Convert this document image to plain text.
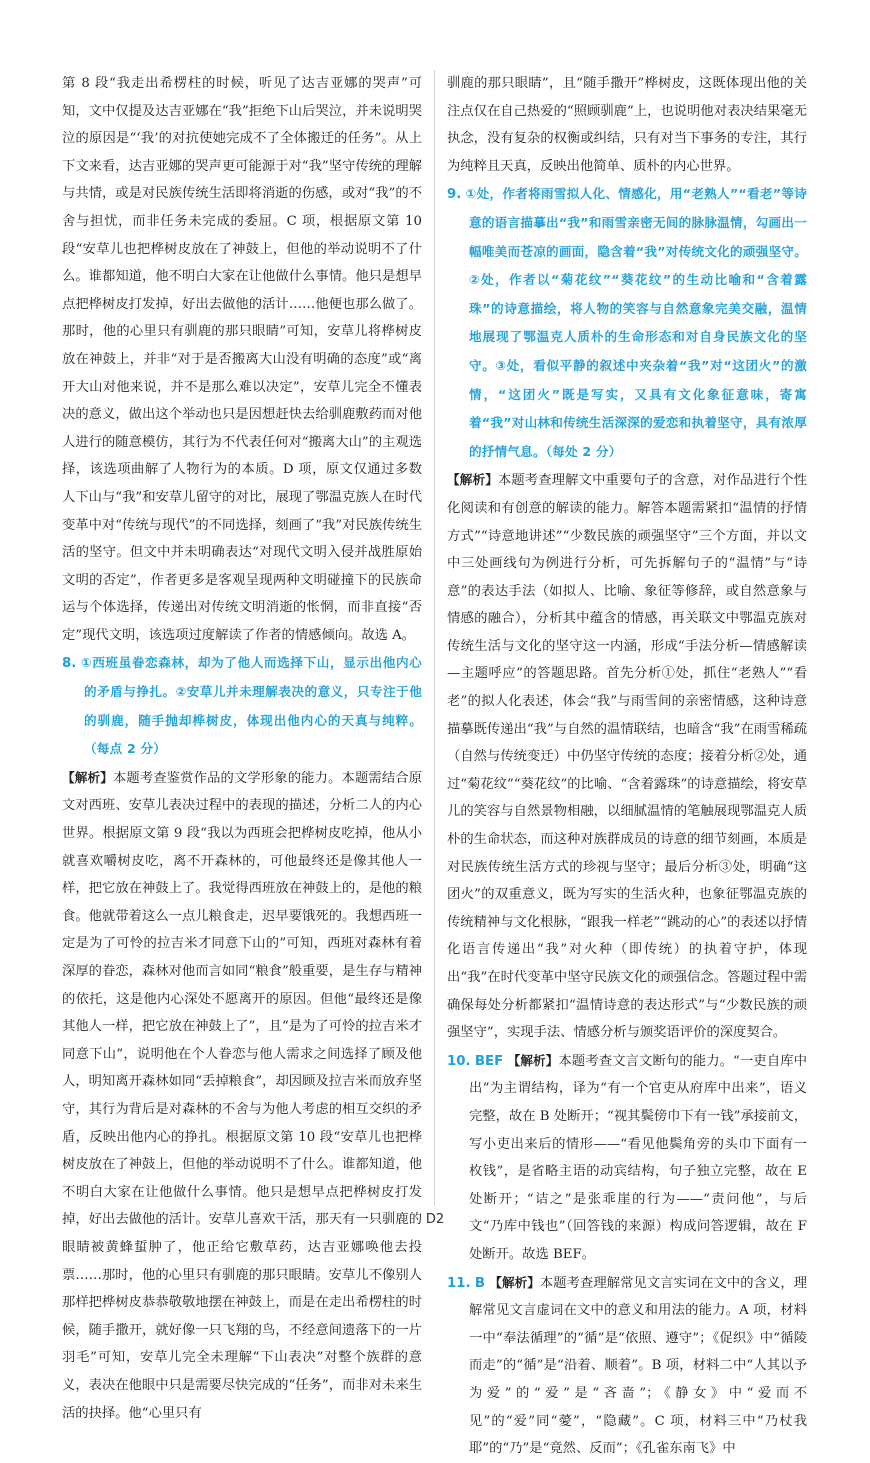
第 8 段“我走出希楞柱的时候，听见了达吉亚娜的哭声”可知，文中仅提及达吉亚娜在“我”拒绝下山后哭泣，并未说明哭泣的原因是“‘我’的对抗使她完成不了全体搬迁的任务”。从上下文来看，达吉亚娜的哭声更可能源于对“我”坚守传统的理解与共情，或是对民族传统生活即将消逝的伤感，或对“我”的不舍与担忧，而非任务未完成的委屈。C 项，根据原文第 10 段“安草儿也把桦树皮放在了神鼓上，但他的举动说明不了什么。谁都知道，他不明白大家在让他做什么事情。他只是想早点把桦树皮打发掉，好出去做他的活计……他便也那么做了。那时，他的心里只有驯鹿的那只眼睛”可知，安草儿将桦树皮放在神鼓上，并非“对于是否搬离大山没有明确的态度”或“离开大山对他来说，并不是那么难以决定”，安草儿完全不懂表决的意义，做出这个举动也只是因想赶快去给驯鹿敷药而对他人进行的随意模仿，其行为不代表任何对“搬离大山”的主观选择，该选项曲解了人物行为的本质。D 项，原文仅通过多数人下山与“我”和安草儿留守的对比，展现了鄂温克族人在时代变革中对“传统与现代”的不同选择，刻画了“我”对民族传统生活的坚守。但文中并未明确表达“对现代文明入侵并战胜原始文明的否定”，作者更多是客观呈现两种文明碰撞下的民族命运与个体选择，传递出对传统文明消逝的怅惘，而非直接“否定”现代文明，该选项过度解读了作者的情感倾向。故选 A。

8. ①西班虽眷恋森林，却为了他人而选择下山，显示出他内心的矛盾与挣扎。②安草儿并未理解表决的意义，只专注于他的驯鹿，随手抛却桦树皮，体现出他内心的天真与纯粹。（每点 2 分）

【解析】本题考查鉴赏作品的文学形象的能力。本题需结合原文对西班、安草儿表决过程中的表现的描述，分析二人的内心世界。根据原文第 9 段“我以为西班会把桦树皮吃掉，他从小就喜欢嚼树皮吃，离不开森林的，可他最终还是像其他人一样，把它放在神鼓上了。我觉得西班放在神鼓上的，是他的粮食。他就带着这么一点儿粮食走，迟早要饿死的。我想西班一定是为了可怜的拉吉米才同意下山的”可知，西班对森林有着深厚的眷恋，森林对他而言如同“粮食”般重要，是生存与精神的依托，这是他内心深处不愿离开的原因。但他“最终还是像其他人一样，把它放在神鼓上了”，且“是为了可怜的拉吉米才同意下山”，说明他在个人眷恋与他人需求之间选择了顾及他人，明知离开森林如同“丢掉粮食”，却因顾及拉吉米而放弃坚守，其行为背后是对森林的不舍与为他人考虑的相互交织的矛盾，反映出他内心的挣扎。根据原文第 10 段“安草儿也把桦树皮放在了神鼓上，但他的举动说明不了什么。谁都知道，他不明白大家在让他做什么事情。他只是想早点把桦树皮打发掉，好出去做他的活计。安草儿喜欢干活，那天有一只驯鹿的眼睛被黄蜂蜇肿了，他正给它敷草药，达吉亚娜唤他去投票……那时，他的心里只有驯鹿的那只眼睛。安草儿不像别人那样把桦树皮恭恭敬敬地摆在神鼓上，而是在走出希楞柱的时候，随手撒开，就好像一只飞翔的鸟，不经意间遗落下的一片羽毛”可知，安草儿完全未理解“下山表决”对整个族群的意义，表决在他眼中只是需要尽快完成的“任务”，而非对未来生活的抉择。他“心里只有

驯鹿的那只眼睛”，且“随手撒开”桦树皮，这既体现出他的关注点仅在自己热爱的“照顾驯鹿”上，也说明他对表决结果毫无执念，没有复杂的权衡或纠结，只有对当下事务的专注，其行为纯粹且天真，反映出他简单、质朴的内心世界。

9. ①处，作者将雨雪拟人化、情感化，用“老熟人”“看老”等诗意的语言描摹出“我”和雨雪亲密无间的脉脉温情，勾画出一幅唯美而苍凉的画面，隐含着“我”对传统文化的顽强坚守。②处，作者以“菊花纹”“葵花纹”的生动比喻和“含着露珠”的诗意描绘，将人物的笑容与自然意象完美交融，温情地展现了鄂温克人质朴的生命形态和对自身民族文化的坚守。③处，看似平静的叙述中夹杂着“我”对“这团火”的激情，“这团火”既是写实，又具有文化象征意味，寄寓着“我”对山林和传统生活深深的爱恋和执着坚守，具有浓厚的抒情气息。（每处 2 分）

【解析】本题考查理解文中重要句子的含意，对作品进行个性化阅读和有创意的解读的能力。解答本题需紧扣“温情的抒情方式”“诗意地讲述”“少数民族的顽强坚守”三个方面，并以文中三处画线句为例进行分析，可先拆解句子的“温情”与“诗意”的表达手法（如拟人、比喻、象征等修辞，或自然意象与情感的融合），分析其中蕴含的情感，再关联文中鄂温克族对传统生活与文化的坚守这一内涵，形成“手法分析—情感解读—主题呼应”的答题思路。首先分析①处，抓住“老熟人”“看老”的拟人化表述，体会“我”与雨雪间的亲密情感，这种诗意描摹既传递出“我”与自然的温情联结，也暗含“我”在雨雪稀疏（自然与传统变迁）中仍坚守传统的态度；接着分析②处，通过“菊花纹”“葵花纹”的比喻、“含着露珠”的诗意描绘，将安草儿的笑容与自然景物相融，以细腻温情的笔触展现鄂温克人质朴的生命状态，而这种对族群成员的诗意的细节刻画，本质是对民族传统生活方式的珍视与坚守；最后分析③处，明确“这团火”的双重意义，既为写实的生活火种，也象征鄂温克族的传统精神与文化根脉，“跟我一样老”“跳动的心”的表述以抒情化语言传递出“我”对火种（即传统）的执着守护，体现出“我”在时代变革中坚守民族文化的顽强信念。答题过程中需确保每处分析都紧扣“温情诗意的表达形式”与“少数民族的顽强坚守”，实现手法、情感分析与颁奖语评价的深度契合。

10. BEF 【解析】本题考查文言文断句的能力。“一吏自库中出”为主谓结构，译为“有一个官吏从府库中出来”，语义完整，故在 B 处断开；“视其鬓傍巾下有一钱”承接前文，写小吏出来后的情形——“看见他鬓角旁的头巾下面有一枚钱”，是省略主语的动宾结构，句子独立完整，故在 E 处断开；“诘之”是张乖崖的行为——“责问他”，与后文“乃库中钱也”（回答钱的来源）构成问答逻辑，故在 F 处断开。故选 BEF。

11. B 【解析】本题考查理解常见文言实词在文中的含义，理解常见文言虚词在文中的意义和用法的能力。A 项，材料一中“奉法循理”的“循”是“依照、遵守”；《促织》中“循陵而走”的“循”是“沿着、顺着”。B 项，材料二中“人其以予为爱”的“爱”是“吝啬”；《静女》中“爱而不见”的“爱”同“薆”，“隐藏”。C 项，材料三中“乃杖我耶”的“乃”是“竟然、反而”；《孔雀东南飞》中

D2
